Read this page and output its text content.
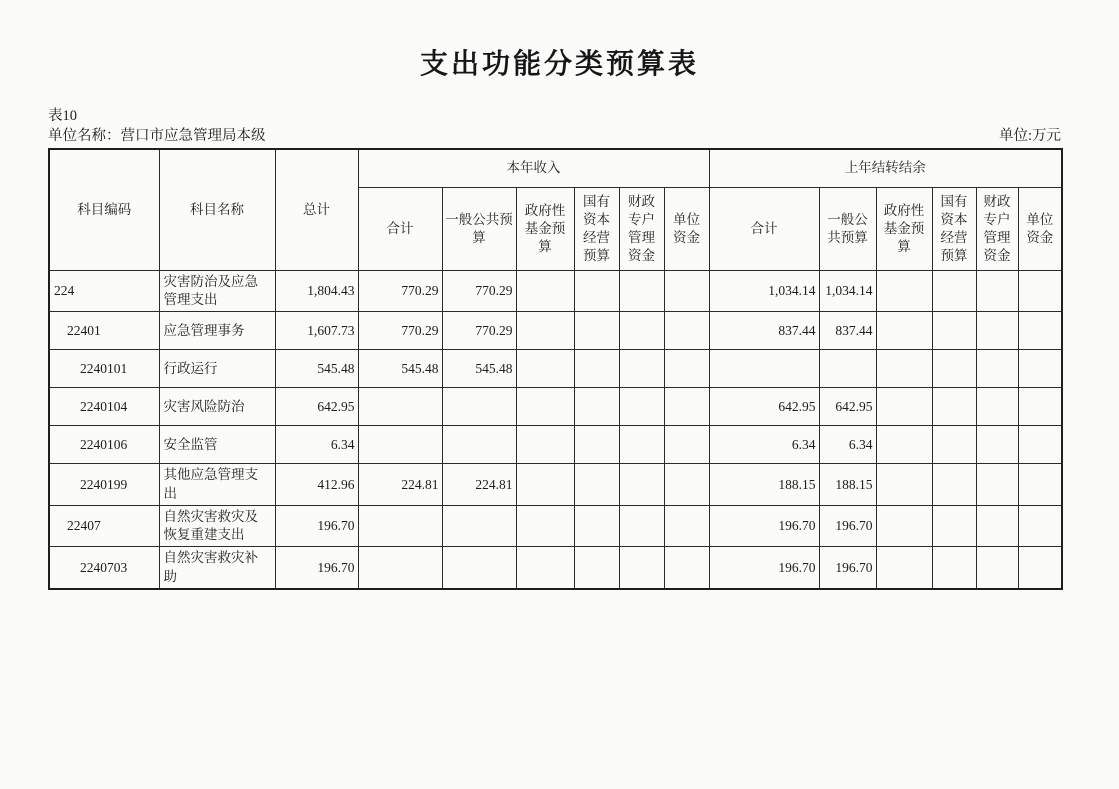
支出功能分类预算表
表10
单位名称：营口市应急管理局本级	单位:万元
科目编码	科目名称	总计	本年收入						上年结转结余					
			合计	一般公共预算	政府性基金预算	国有资本经营预算	财政专户管理资金	单位资金	合计	一般公共预算	政府性基金预算	国有资本经营预算	财政专户管理资金	单位资金
224	灾害防治及应急管理支出	1,804.43	770.29	770.29					1,034.14	1,034.14				
22401	应急管理事务	1,607.73	770.29	770.29					837.44	837.44				
2240101	行政运行	545.48	545.48	545.48										
2240104	灾害风险防治	642.95							642.95	642.95				
2240106	安全监管	6.34							6.34	6.34				
2240199	其他应急管理支出	412.96	224.81	224.81					188.15	188.15				
22407	自然灾害救灾及恢复重建支出	196.70							196.70	196.70				
2240703	自然灾害救灾补助	196.70							196.70	196.70				
